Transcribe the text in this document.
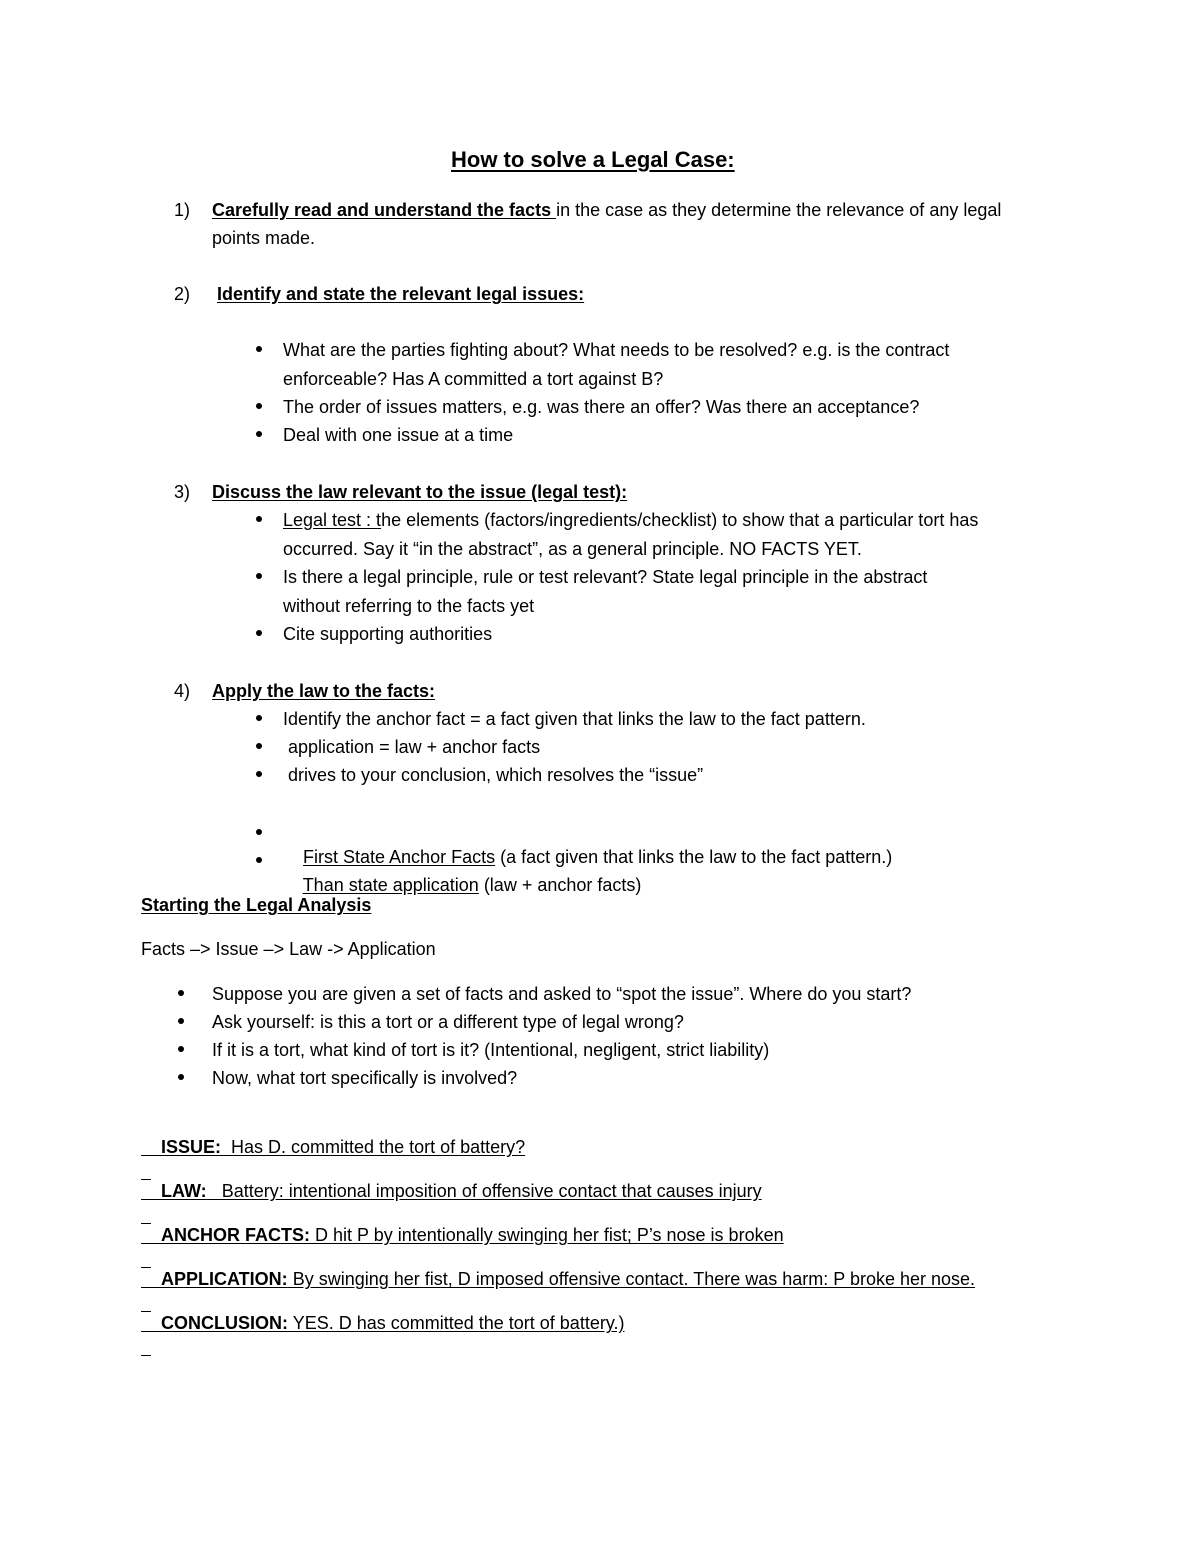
How to solve a Legal Case:
1) Carefully read and understand the facts in the case as they determine the relevance of any legal
points made.
2) Identify and state the relevant legal issues:
What are the parties fighting about? What needs to be resolved? e.g. is the contract
enforceable? Has A committed a tort against B?
The order of issues matters, e.g. was there an offer? Was there an acceptance?
Deal with one issue at a time
3) Discuss the law relevant to the issue (legal test):
Legal test : the elements (factors/ingredients/checklist) to show that a particular tort has
occurred. Say it “in the abstract”, as a general principle. NO FACTS YET.
Is there a legal principle, rule or test relevant? State legal principle in the abstract
without referring to the facts yet
Cite supporting authorities
4) Apply the law to the facts:
Identify the anchor fact = a fact given that links the law to the fact pattern.
application = law + anchor facts
drives to your conclusion, which resolves the “issue”

First State Anchor Facts (a fact given that links the law to the fact pattern.)

Than state application (law + anchor facts)

Starting the Legal Analysis
Facts –> Issue –> Law -> Application
Suppose you are given a set of facts and asked to “spot the issue”. Where do you start?
Ask yourself: is this a tort or a different type of legal wrong?
If it is a tort, what kind of tort is it? (Intentional, negligent, strict liability)
Now, what tort specifically is involved?

ISSUE:  Has D. committed the tort of battery?

LAW:   Battery: intentional imposition of offensive contact that causes injury

ANCHOR FACTS: D hit P by intentionally swinging her fist; P’s nose is broken

APPLICATION: By swinging her fist, D imposed offensive contact. There was harm: P broke her nose.

CONCLUSION: YES. D has committed the tort of battery.)
